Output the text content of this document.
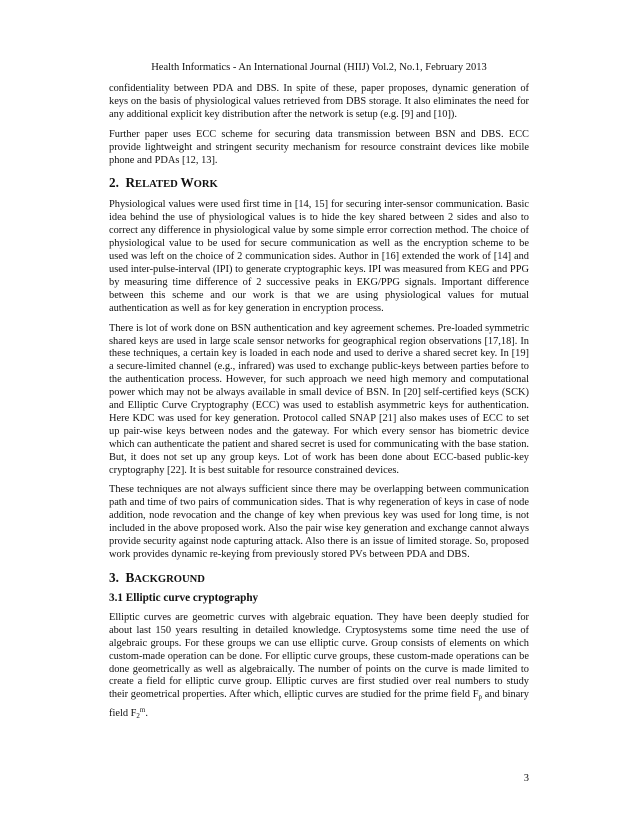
Health Informatics - An International Journal (HIIJ) Vol.2, No.1, February 2013

confidentiality between PDA and DBS. In spite of these, paper proposes, dynamic generation of keys on the basis of physiological values retrieved from DBS storage. It also eliminates the need for any additional explicit key distribution after the network is setup (e.g. [9] and [10]).

Further paper uses ECC scheme for securing data transmission between BSN and DBS. ECC provide lightweight and stringent security mechanism for resource constraint devices like mobile phone and PDAs [12, 13].

2. RELATED WORK

Physiological values were used first time in [14, 15] for securing inter-sensor communication. Basic idea behind the use of physiological values is to hide the key shared between 2 sides and also to correct any difference in physiological value by some simple error correction method. The choice of physiological value to be used for secure communication as well as the encryption scheme to be used was left on the choice of 2 communication sides. Author in [16] extended the work of [14] and used inter-pulse-interval (IPI) to generate cryptographic keys. IPI was measured from KEG and PPG by measuring time difference of 2 successive peaks in EKG/PPG signals. Important difference between this scheme and our work is that we are using physiological values for mutual authentication as well as for key generation in encryption process.

There is lot of work done on BSN authentication and key agreement schemes. Pre-loaded symmetric shared keys are used in large scale sensor networks for geographical region observations [17,18]. In these techniques, a certain key is loaded in each node and used to derive a shared secret key. In [19] a secure-limited channel (e.g., infrared) was used to exchange public-keys between parties before to the authentication process. However, for such approach we need high memory and computational power which may not be always available in small device of BSN. In [20] self-certified keys (SCK) and Elliptic Curve Cryptography (ECC) was used to establish asymmetric keys for authentication. Here KDC was used for key generation. Protocol called SNAP [21] also makes uses of ECC to set up pair-wise keys between nodes and the gateway. For which every sensor has biometric device which can authenticate the patient and shared secret is used for communicating with the base station. But, it does not set up any group keys. Lot of work has been done about ECC-based public-key cryptography [22]. It is best suitable for resource constrained devices.

These techniques are not always sufficient since there may be overlapping between communication path and time of two pairs of communication sides. That is why regeneration of keys in case of node addition, node revocation and the change of key when previous key was used for long time, is not included in the above proposed work. Also the pair wise key generation and exchange cannot always provide security against node capturing attack. Also there is an issue of limited storage. So, proposed work provides dynamic re-keying from previously stored PVs between PDA and DBS.

3. BACKGROUND
3.1 Elliptic curve cryptography

Elliptic curves are geometric curves with algebraic equation. They have been deeply studied for about last 150 years resulting in detailed knowledge. Cryptosystems some time need the use of algebraic groups. For these groups we can use elliptic curve. Group consists of elements on which custom-made operation can be done. For elliptic curve groups, these custom-made operations can be done geometrically as well as algebraically. The number of points on the curve is made limited to create a field for elliptic curve group. Elliptic curves are first studied over real numbers to study their geometrical properties. After which, elliptic curves are studied for the prime field $F_p$ and binary field $F_2^m$.

3
